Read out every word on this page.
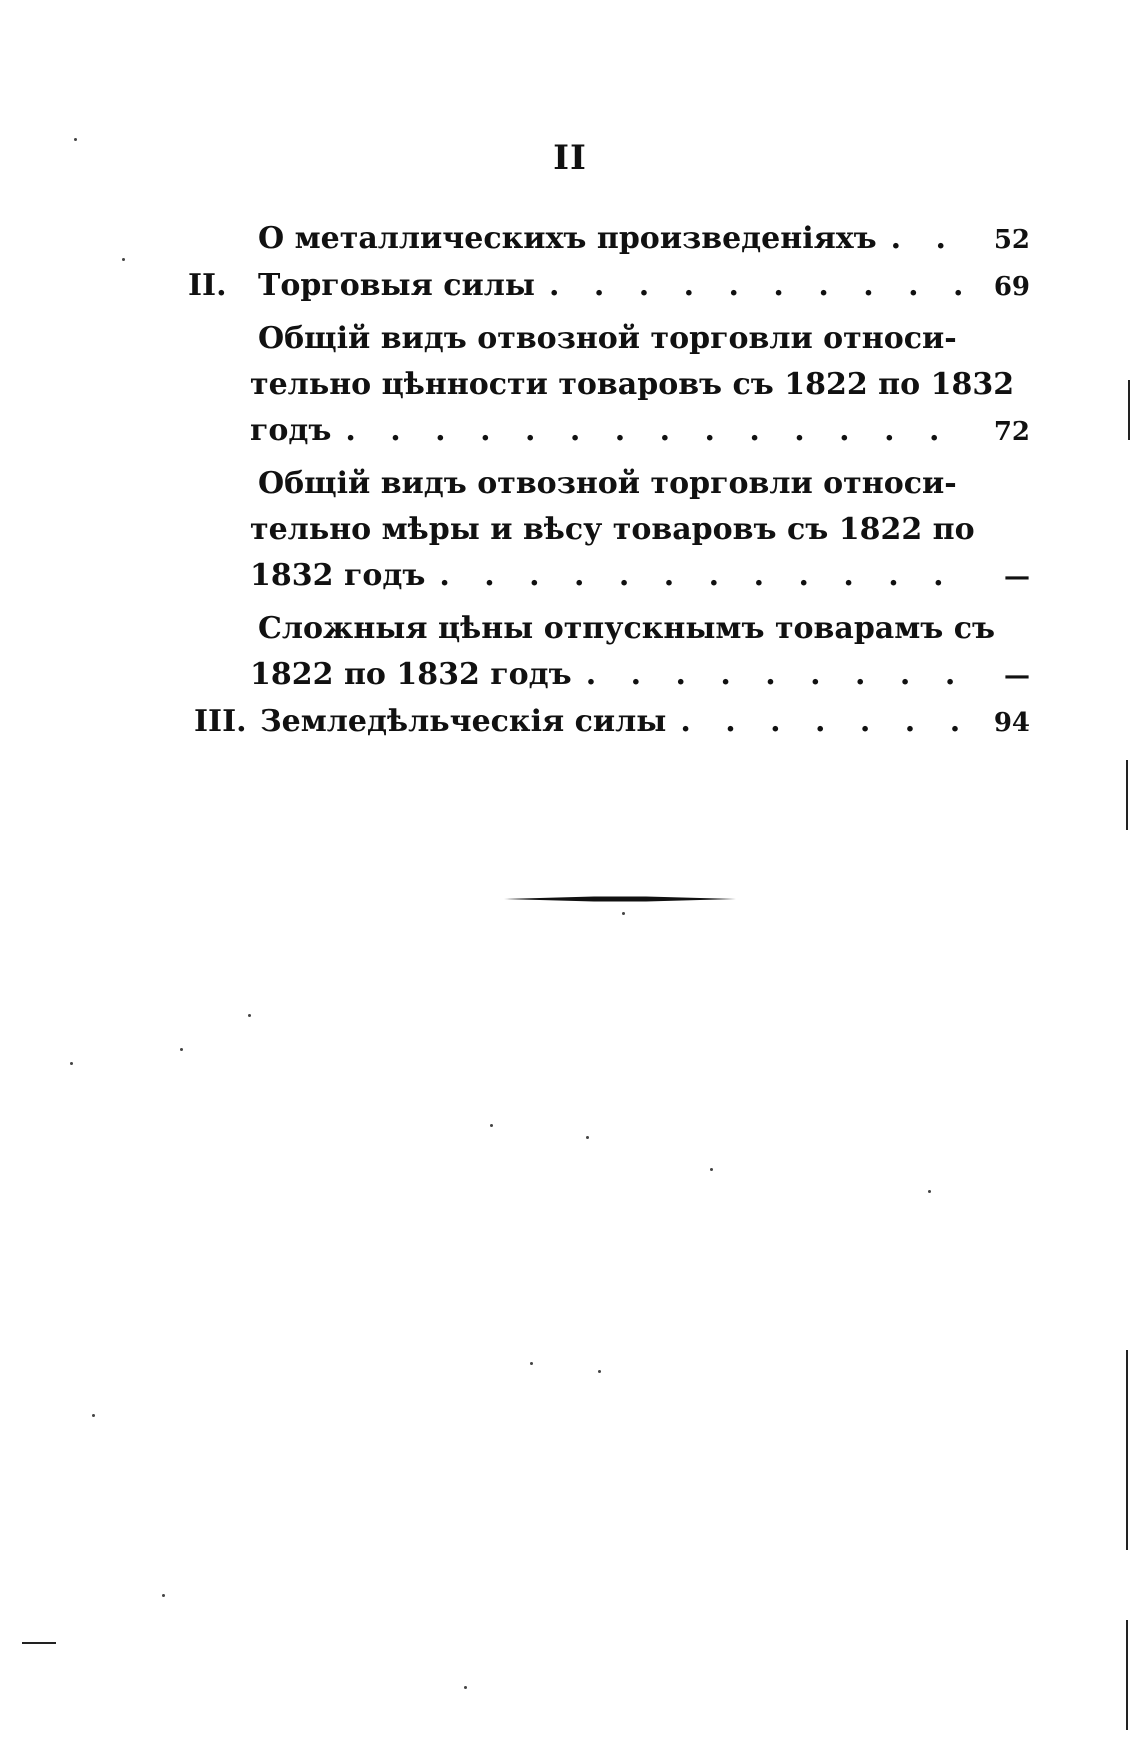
II
О металлическихъ произведеніяхъ . . .	52
II.	Торговыя силы . . .	69
Общій видъ отвозной торговли относи-
тельно цѣнности товаровъ съ 1822 по 1832
годъ . . .	72
Общій видъ отвозной торговли относи-
тельно мѣры и вѣсу товаровъ съ 1822 по
1832 годъ . . .	—
Сложныя цѣны отпускнымъ товарамъ съ
1822 по 1832 годъ . . .	—
III. Земледѣльческія силы . . .	94
